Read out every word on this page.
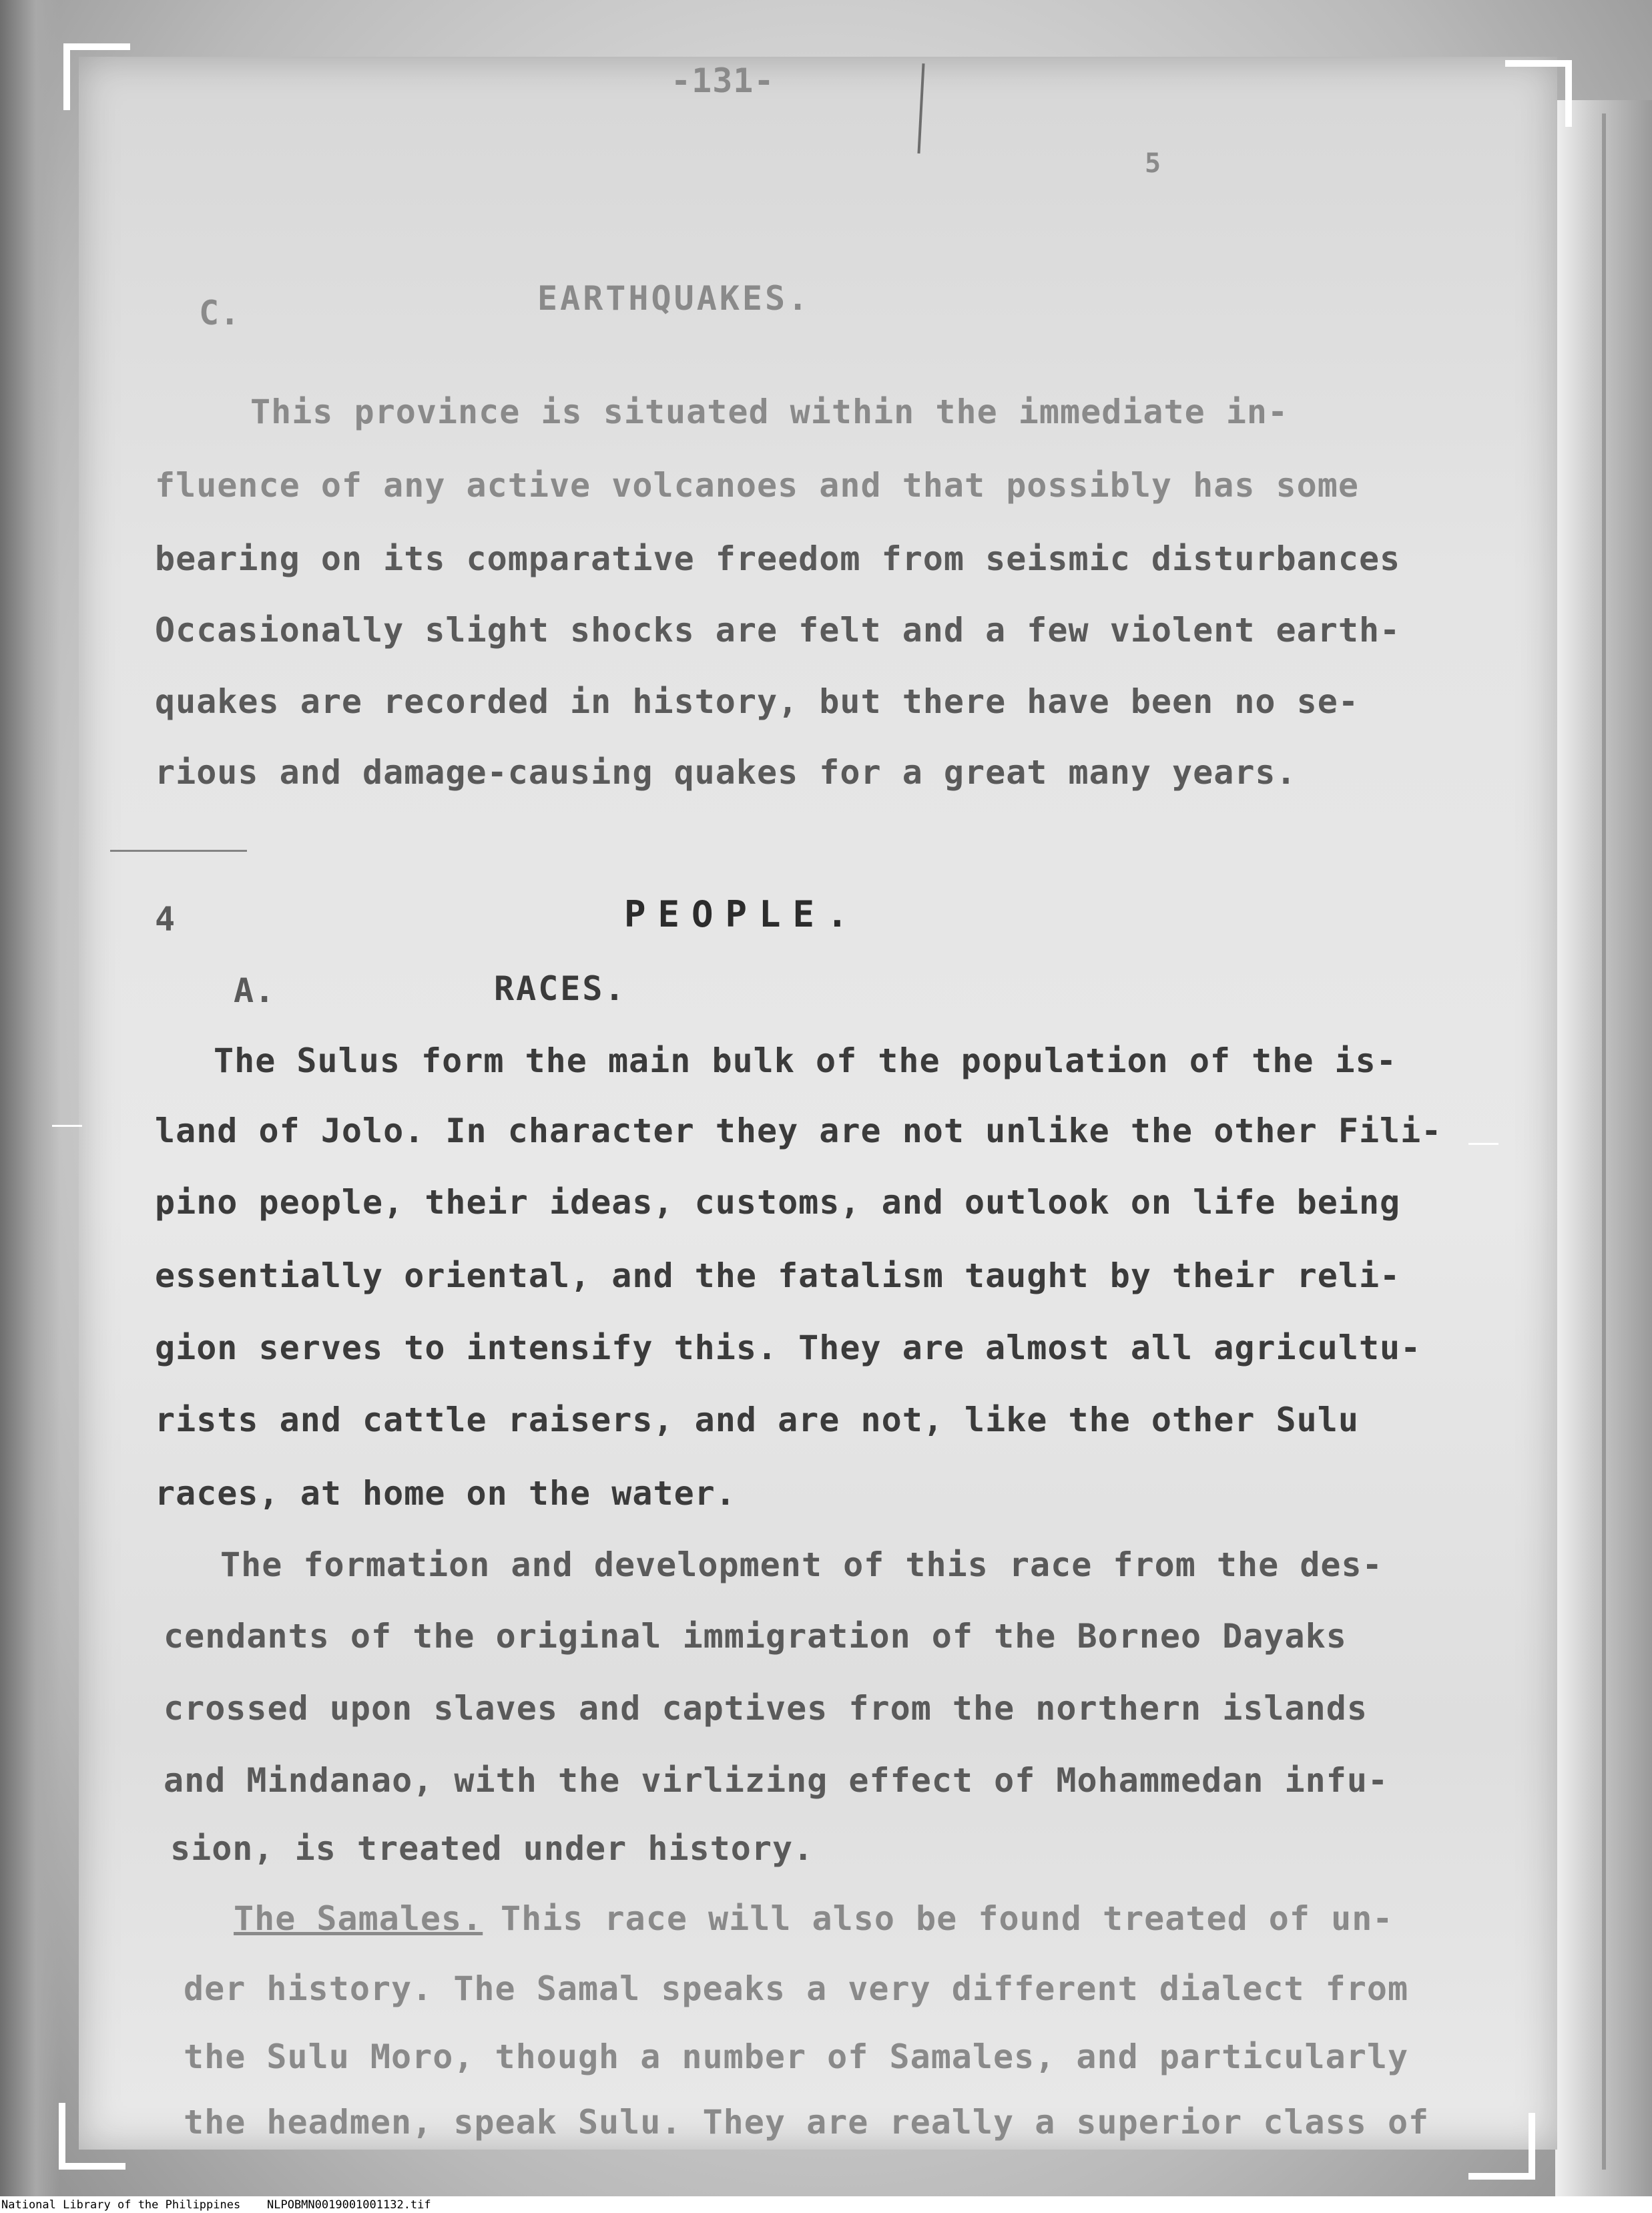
-131-
5
C.	EARTHQUAKES.
This province is situated within the immediate in-
fluence of any active volcanoes and that possibly has some
bearing on its comparative freedom from seismic disturbances
Occasionally slight shocks are felt and a few violent earth-
quakes are recorded in history, but there have been no se-
rious and damage-causing quakes for a great many years.
4	PEOPLE.
A.	RACES.
The Sulus form the main bulk of the population of the is-
land of Jolo. In character they are not unlike the other Fili-
pino people, their ideas, customs, and outlook on life being
essentially oriental, and the fatalism taught by their reli-
gion serves to intensify this. They are almost all agricultu-
rists and cattle raisers, and are not, like the other Sulu
races, at home on the water.
The formation and development of this race from the des-
cendants of the original immigration of the Borneo Dayaks
crossed upon slaves and captives from the northern islands
and Mindanao, with the virlizing effect of Mohammedan infu-
sion, is treated under history.
The Samales. This race will also be found treated of un-
der history. The Samal speaks a very different dialect from
the Sulu Moro, though a number of Samales, and particularly
the headmen, speak Sulu. They are really a superior class of
National Library of the Philippines NLPOBMN0019001001132.tif
